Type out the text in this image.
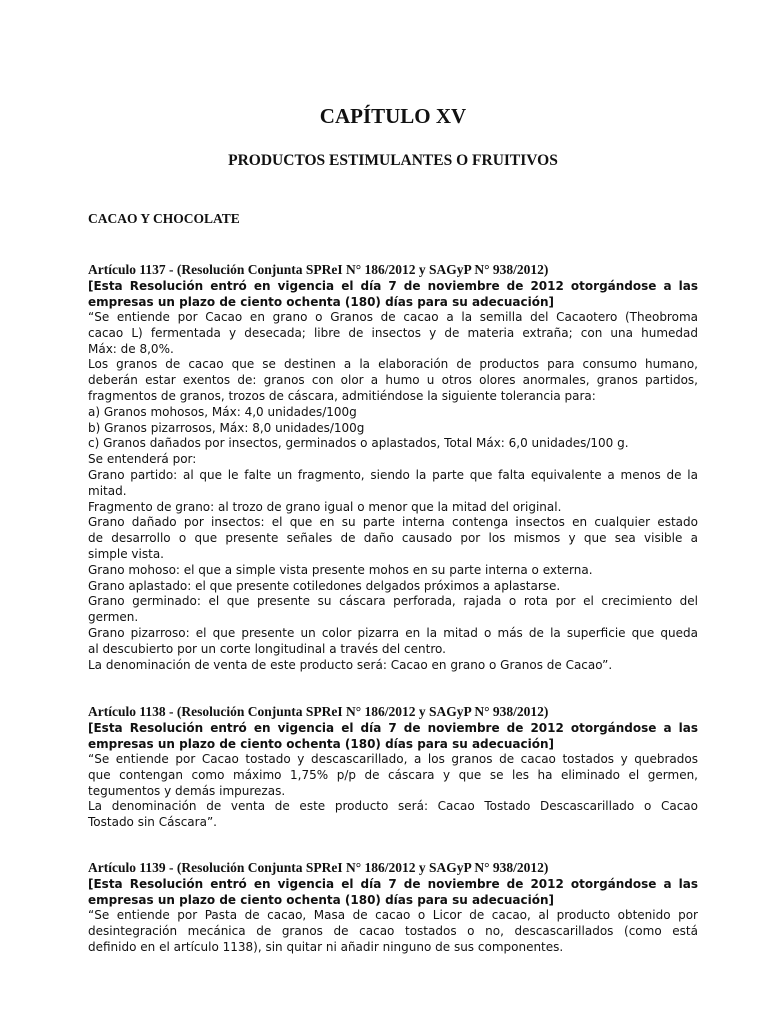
CAPÍTULO XV
PRODUCTOS ESTIMULANTES O FRUITIVOS
CACAO Y CHOCOLATE

Artículo 1137 - (Resolución Conjunta SPReI N° 186/2012 y SAGyP N° 938/2012)

[Esta Resolución entró en vigencia el día 7 de noviembre de 2012 otorgándose a las

empresas un plazo de ciento ochenta (180) días para su adecuación]

“Se entiende por Cacao en grano o Granos de cacao a la semilla del Cacaotero (Theobroma

cacao L) fermentada y desecada; libre de insectos y de materia extraña; con una humedad

Máx: de 8,0%.

Los granos de cacao que se destinen a la elaboración de productos para consumo humano,

deberán estar exentos de: granos con olor a humo u otros olores anormales, granos partidos,

fragmentos de granos, trozos de cáscara, admitiéndose la siguiente tolerancia para:

a) Granos mohosos, Máx: 4,0 unidades/100g

b) Granos pizarrosos, Máx: 8,0 unidades/100g

c) Granos dañados por insectos, germinados o aplastados, Total Máx: 6,0 unidades/100 g.

Se entenderá por:

Grano partido: al que le falte un fragmento, siendo la parte que falta equivalente a menos de la

mitad.

Fragmento de grano: al trozo de grano igual o menor que la mitad del original.

Grano dañado por insectos: el que en su parte interna contenga insectos en cualquier estado

de desarrollo o que presente señales de daño causado por los mismos y que sea visible a

simple vista.

Grano mohoso: el que a simple vista presente mohos en su parte interna o externa.

Grano aplastado: el que presente cotiledones delgados próximos a aplastarse.

Grano germinado: el que presente su cáscara perforada, rajada o rota por el crecimiento del

germen.

Grano pizarroso: el que presente un color pizarra en la mitad o más de la superficie que queda

al descubierto por un corte longitudinal a través del centro.

La denominación de venta de este producto será: Cacao en grano o Granos de Cacao”.

Artículo 1138 - (Resolución Conjunta SPReI N° 186/2012 y SAGyP N° 938/2012)

[Esta Resolución entró en vigencia el día 7 de noviembre de 2012 otorgándose a las

empresas un plazo de ciento ochenta (180) días para su adecuación]

“Se entiende por Cacao tostado y descascarillado, a los granos de cacao tostados y quebrados

que contengan como máximo 1,75% p/p de cáscara y que se les ha eliminado el germen,

tegumentos y demás impurezas.

La denominación de venta de este producto será: Cacao Tostado Descascarillado o Cacao

Tostado sin Cáscara”.

Artículo 1139 - (Resolución Conjunta SPReI N° 186/2012 y SAGyP N° 938/2012)

[Esta Resolución entró en vigencia el día 7 de noviembre de 2012 otorgándose a las

empresas un plazo de ciento ochenta (180) días para su adecuación]

“Se entiende por Pasta de cacao, Masa de cacao o Licor de cacao, al producto obtenido por

desintegración mecánica de granos de cacao tostados o no, descascarillados (como está

definido en el artículo 1138), sin quitar ni añadir ninguno de sus componentes.
